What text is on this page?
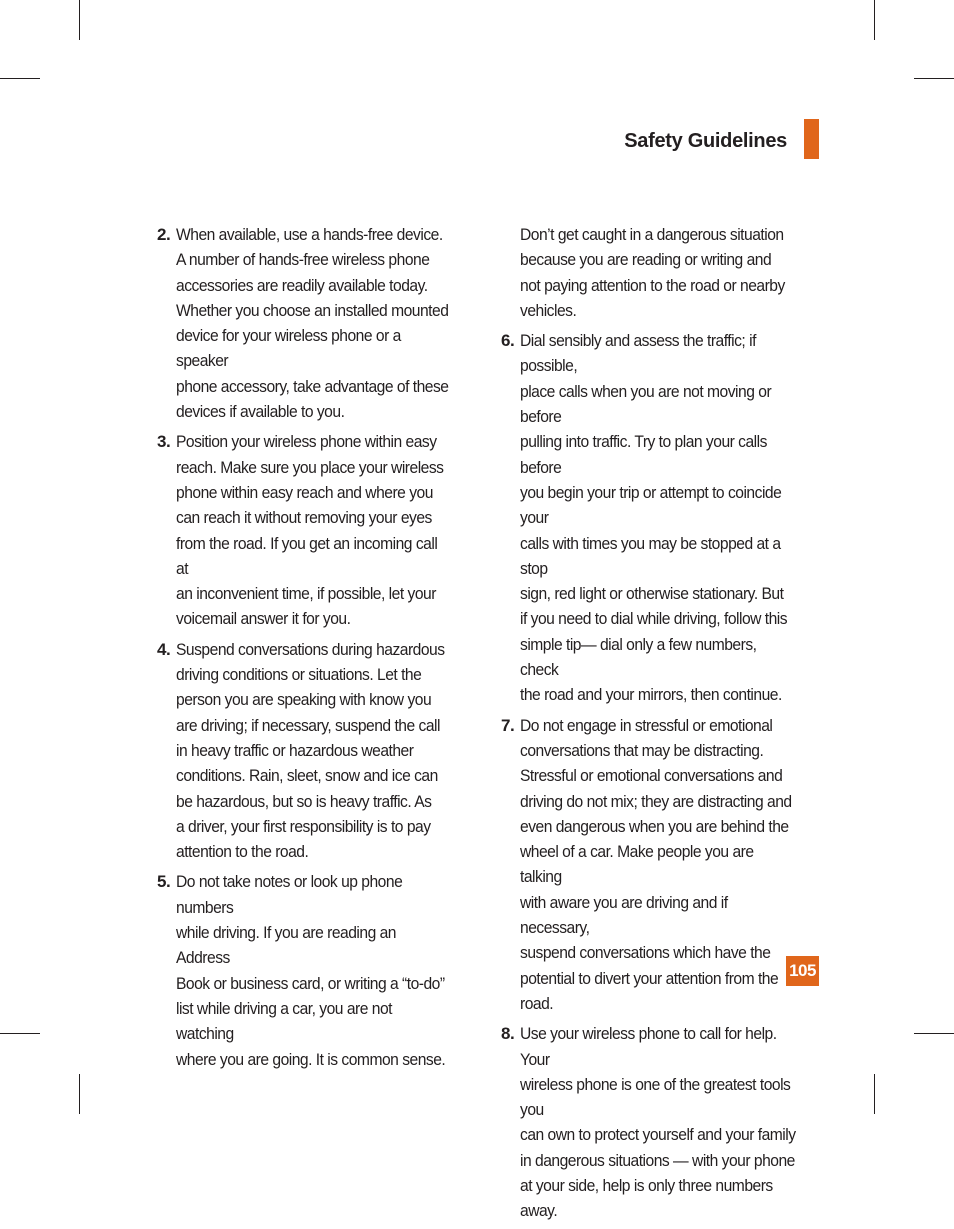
Safety Guidelines
2. When available, use a hands-free device.
A number of hands-free wireless phone
accessories are readily available today.
Whether you choose an installed mounted
device for your wireless phone or a speaker
phone accessory, take advantage of these
devices if available to you.
3. Position your wireless phone within easy
reach. Make sure you place your wireless
phone within easy reach and where you
can reach it without removing your eyes
from the road. If you get an incoming call at
an inconvenient time, if possible, let your
voicemail answer it for you.
4. Suspend conversations during hazardous
driving conditions or situations. Let the
person you are speaking with know you
are driving; if necessary, suspend the call
in heavy traffic or hazardous weather
conditions. Rain, sleet, snow and ice can
be hazardous, but so is heavy traffic. As
a driver, your first responsibility is to pay
attention to the road.
5. Do not take notes or look up phone numbers
while driving. If you are reading an Address
Book or business card, or writing a “to-do”
list while driving a car, you are not watching
where you are going. It is common sense.
Don’t get caught in a dangerous situation
because you are reading or writing and
not paying attention to the road or nearby
vehicles.
6. Dial sensibly and assess the traffic; if possible,
place calls when you are not moving or before
pulling into traffic. Try to plan your calls before
you begin your trip or attempt to coincide your
calls with times you may be stopped at a stop
sign, red light or otherwise stationary. But
if you need to dial while driving, follow this
simple tip— dial only a few numbers, check
the road and your mirrors, then continue.
7. Do not engage in stressful or emotional
conversations that may be distracting.
Stressful or emotional conversations and
driving do not mix; they are distracting and
even dangerous when you are behind the
wheel of a car. Make people you are talking
with aware you are driving and if necessary,
suspend conversations which have the
potential to divert your attention from the
road.
8. Use your wireless phone to call for help. Your
wireless phone is one of the greatest tools you
can own to protect yourself and your family
in dangerous situations — with your phone
at your side, help is only three numbers away.
105
